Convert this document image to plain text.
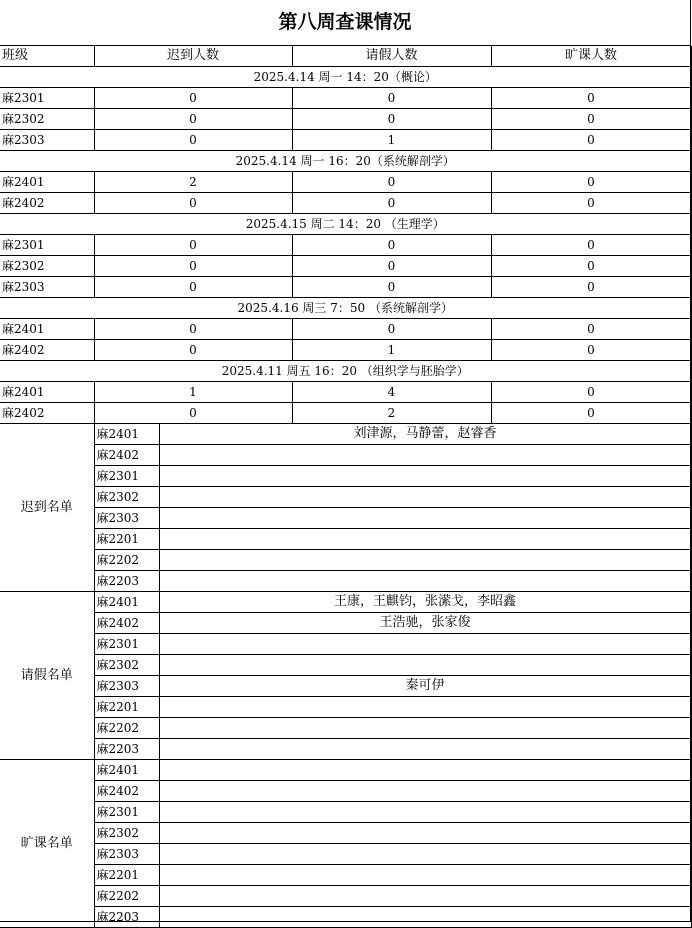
第八周查课情况
班级	迟到人数	请假人数	旷课人数
2025.4.14 周一 14：20（概论）			
麻2301	0	0	0
麻2302	0	0	0
麻2303	0	1	0
2025.4.14 周一 16：20（系统解剖学）			
麻2401	2	0	0
麻2402	0	0	0
2025.4.15 周二 14：20 （生理学）			
麻2301	0	0	0
麻2302	0	0	0
麻2303	0	0	0
2025.4.16 周三 7：50 （系统解剖学）			
麻2401	0	0	0
麻2402	0	1	0
2025.4.11 周五 16：20 （组织学与胚胎学）			
麻2401	1	4	0
麻2402	0	2	0
迟到名单	麻2401	刘津源，马静蕾，赵睿香
	麻2402	
	麻2301	
	麻2302	
	麻2303	
	麻2201	
	麻2202	
	麻2203	
请假名单	麻2401	王康，王麒钧，张潆戈，李昭鑫
	麻2402	王浩驰，张家俊
	麻2301	
	麻2302	
	麻2303	秦可伊
	麻2201	
	麻2202	
	麻2203	
旷课名单	麻2401	
	麻2402	
	麻2301	
	麻2302	
	麻2303	
	麻2201	
	麻2202	
	麻2203	
